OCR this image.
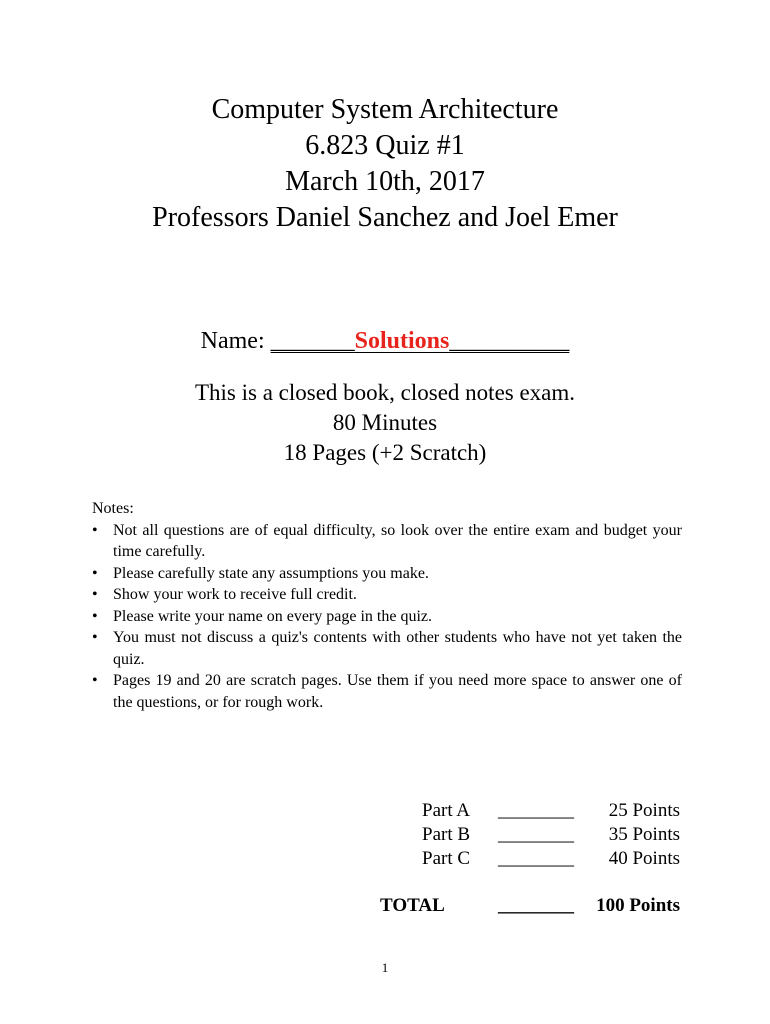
Computer System Architecture
6.823 Quiz #1
March 10th, 2017
Professors Daniel Sanchez and Joel Emer
Name: _______Solutions__________
This is a closed book, closed notes exam.
80 Minutes
18 Pages (+2 Scratch)
Notes:
• Not all questions are of equal difficulty, so look over the entire exam and budget your time carefully.
• Please carefully state any assumptions you make.
• Show your work to receive full credit.
• Please write your name on every page in the quiz.
• You must not discuss a quiz's contents with other students who have not yet taken the quiz.
• Pages 19 and 20 are scratch pages. Use them if you need more space to answer one of the questions, or for rough work.
Part A ________ 25 Points
Part B ________ 35 Points
Part C ________ 40 Points
TOTAL	________ 100 Points
1
